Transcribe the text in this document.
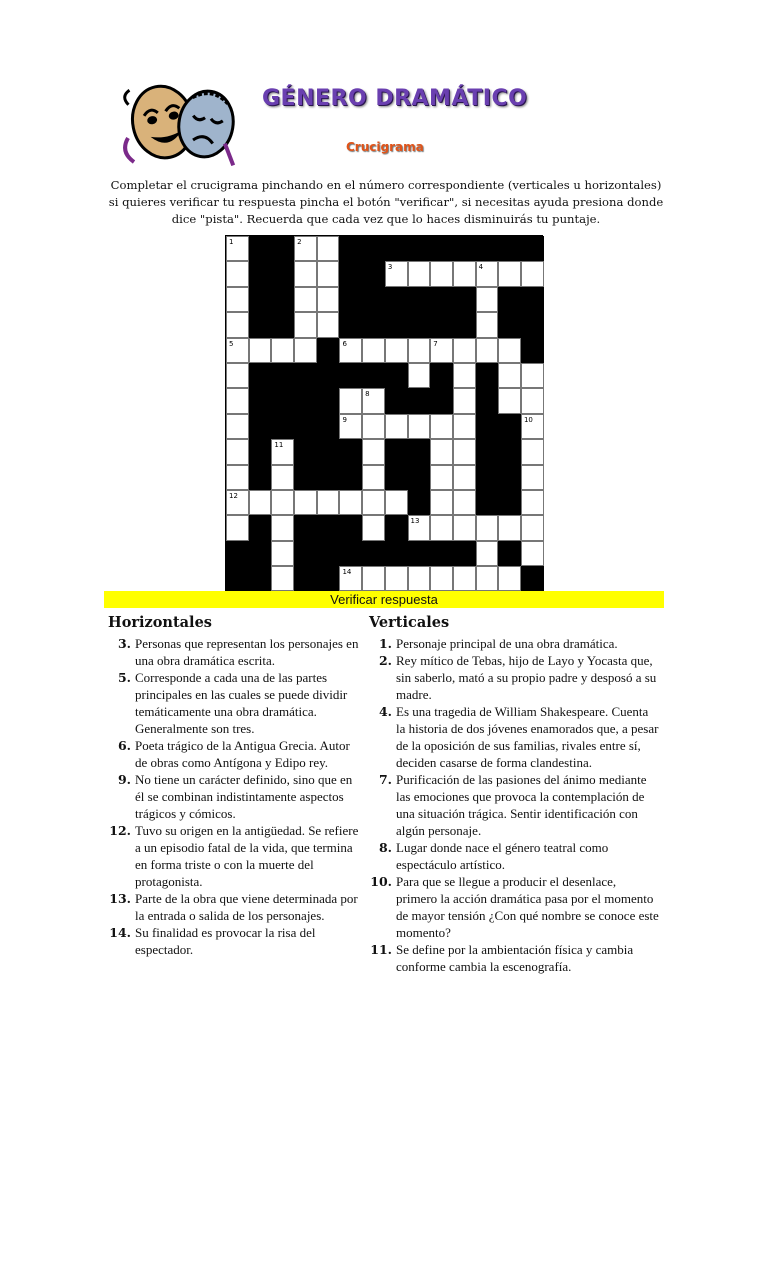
GÉNERO DRAMÁTICO
Crucigrama
Completar el crucigrama pinchando en el número correspondiente (verticales u horizontales) si quieres verificar tu respuesta pincha el botón "verificar", si necesitas ayuda presiona donde dice "pista". Recuerda que cada vez que lo haces disminuirás tu puntaje.
1	2
3	4
5	6	7
8
9	10
11
12
13
14
Verificar respuesta
Horizontales
3. Personas que representan los personajes en una obra dramática escrita.
5. Corresponde a cada una de las partes principales en las cuales se puede dividir temáticamente una obra dramática. Generalmente son tres.
6. Poeta trágico de la Antigua Grecia. Autor de obras como Antígona y Edipo rey.
9. No tiene un carácter definido, sino que en él se combinan indistintamente aspectos trágicos y cómicos.
12. Tuvo su origen en la antigüedad. Se refiere a un episodio fatal de la vida, que termina en forma triste o con la muerte del protagonista.
13. Parte de la obra que viene determinada por la entrada o salida de los personajes.
14. Su finalidad es provocar la risa del espectador.
Verticales
1. Personaje principal de una obra dramática.
2. Rey mítico de Tebas, hijo de Layo y Yocasta que, sin saberlo, mató a su propio padre y desposó a su madre.
4. Es una tragedia de William Shakespeare. Cuenta la historia de dos jóvenes enamorados que, a pesar de la oposición de sus familias, rivales entre sí, deciden casarse de forma clandestina.
7. Purificación de las pasiones del ánimo mediante las emociones que provoca la contemplación de una situación trágica. Sentir identificación con algún personaje.
8. Lugar donde nace el género teatral como espectáculo artístico.
10. Para que se llegue a producir el desenlace, primero la acción dramática pasa por el momento de mayor tensión ¿Con qué nombre se conoce este momento?
11. Se define por la ambientación física y cambia conforme cambia la escenografía.
